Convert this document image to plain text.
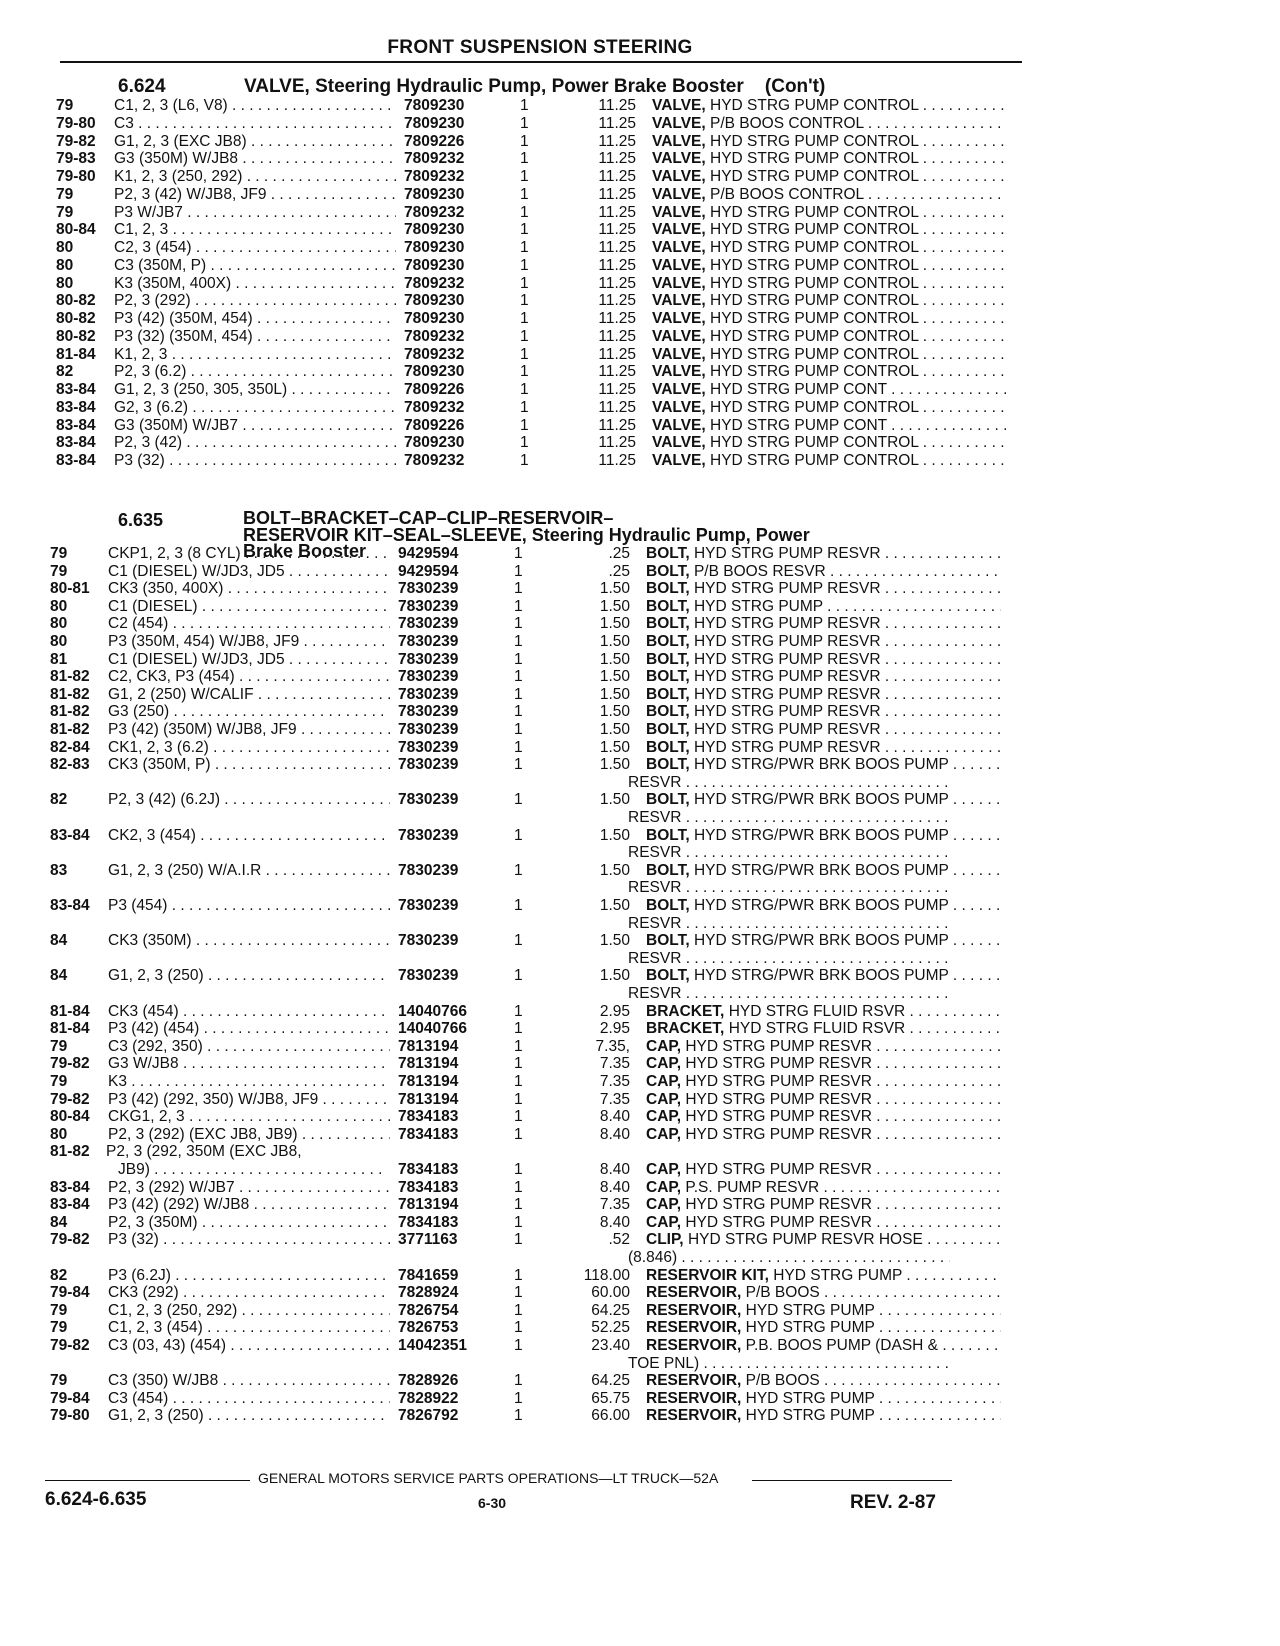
FRONT SUSPENSION STEERING
6.624	VALVE, Steering Hydraulic Pump, Power Brake Booster (Con't)
6.635	BOLT–BRACKET–CAP–CLIP–RESERVOIR–
RESERVOIR KIT–SEAL–SLEEVE, Steering Hydraulic Pump, Power
Brake Booster
79	C1, 2, 3 (L6, V8) . . .	7809230	1	11.25 VALVE, HYD STRG PUMP CONTROL . . .
79-80	C3 . . .	7809230	1	11.25 VALVE, P/B BOOS CONTROL . . .
79-82	G1, 2, 3 (EXC JB8) . . .	7809226	1	11.25 VALVE, HYD STRG PUMP CONTROL . . .
79-83	G3 (350M) W/JB8 . . .	7809232	1	11.25 VALVE, HYD STRG PUMP CONTROL . . .
79-80	K1, 2, 3 (250, 292) . . .	7809232	1	11.25 VALVE, HYD STRG PUMP CONTROL . . .
79	P2, 3 (42) W/JB8, JF9 . . .	7809230	1	11.25 VALVE, P/B BOOS CONTROL . . .
79	P3 W/JB7 . . .	7809232	1	11.25 VALVE, HYD STRG PUMP CONTROL . . .
80-84	C1, 2, 3 . . .	7809230	1	11.25 VALVE, HYD STRG PUMP CONTROL . . .
80	C2, 3 (454) . . .	7809230	1	11.25 VALVE, HYD STRG PUMP CONTROL . . .
80	C3 (350M, P) . . .	7809230	1	11.25 VALVE, HYD STRG PUMP CONTROL . . .
80	K3 (350M, 400X) . . .	7809232	1	11.25 VALVE, HYD STRG PUMP CONTROL . . .
80-82	P2, 3 (292) . . .	7809230	1	11.25 VALVE, HYD STRG PUMP CONTROL . . .
80-82	P3 (42) (350M, 454) . . .	7809230	1	11.25 VALVE, HYD STRG PUMP CONTROL . . .
80-82	P3 (32) (350M, 454) . . .	7809232	1	11.25 VALVE, HYD STRG PUMP CONTROL . . .
81-84	K1, 2, 3 . . .	7809232	1	11.25 VALVE, HYD STRG PUMP CONTROL . . .
82	P2, 3 (6.2) . . .	7809230	1	11.25 VALVE, HYD STRG PUMP CONTROL . . .
83-84	G1, 2, 3 (250, 305, 350L) . . .	7809226	1	11.25 VALVE, HYD STRG PUMP CONT . . .
83-84	G2, 3 (6.2) . . .	7809232	1	11.25 VALVE, HYD STRG PUMP CONTROL . . .
83-84	G3 (350M) W/JB7 . . .	7809226	1	11.25 VALVE, HYD STRG PUMP CONT . . .
83-84	P2, 3 (42) . . .	7809230	1	11.25 VALVE, HYD STRG PUMP CONTROL . . .
83-84	P3 (32) . . .	7809232	1	11.25 VALVE, HYD STRG PUMP CONTROL . . .
79	CKP1, 2, 3 (8 CYL) . . .	9429594	1	.25 BOLT, HYD STRG PUMP RESVR . . .
79	C1 (DIESEL) W/JD3, JD5 . . .	9429594	1	.25 BOLT, P/B BOOS RESVR . . .
80-81	CK3 (350, 400X) . . .	7830239	1	1.50 BOLT, HYD STRG PUMP RESVR . . .
80	C1 (DIESEL) . . .	7830239	1	1.50 BOLT, HYD STRG PUMP . . .
80	C2 (454) . . .	7830239	1	1.50 BOLT, HYD STRG PUMP RESVR . . .
80	P3 (350M, 454) W/JB8, JF9 . . .	7830239	1	1.50 BOLT, HYD STRG PUMP RESVR . . .
81	C1 (DIESEL) W/JD3, JD5 . . .	7830239	1	1.50 BOLT, HYD STRG PUMP RESVR . . .
81-82	C2, CK3, P3 (454) . . .	7830239	1	1.50 BOLT, HYD STRG PUMP RESVR . . .
81-82	G1, 2 (250) W/CALIF . . .	7830239	1	1.50 BOLT, HYD STRG PUMP RESVR . . .
81-82	G3 (250) . . .	7830239	1	1.50 BOLT, HYD STRG PUMP RESVR . . .
81-82	P3 (42) (350M) W/JB8, JF9 . . .	7830239	1	1.50 BOLT, HYD STRG PUMP RESVR . . .
82-84	CK1, 2, 3 (6.2) . . .	7830239	1	1.50 BOLT, HYD STRG PUMP RESVR . . .
82-83	CK3 (350M, P) . . .	7830239	1	1.50 BOLT, HYD STRG/PWR BRK BOOS PUMP . . .
RESVR . . .
82	P2, 3 (42) (6.2J) . . .	7830239	1	1.50 BOLT, HYD STRG/PWR BRK BOOS PUMP . . .
RESVR . . .
83-84	CK2, 3 (454) . . .	7830239	1	1.50 BOLT, HYD STRG/PWR BRK BOOS PUMP . . .
RESVR . . .
83	G1, 2, 3 (250) W/A.I.R . . .	7830239	1	1.50 BOLT, HYD STRG/PWR BRK BOOS PUMP . . .
RESVR . . .
83-84	P3 (454) . . .	7830239	1	1.50 BOLT, HYD STRG/PWR BRK BOOS PUMP . . .
RESVR . . .
84	CK3 (350M) . . .	7830239	1	1.50 BOLT, HYD STRG/PWR BRK BOOS PUMP . . .
RESVR . . .
84	G1, 2, 3 (250) . . .	7830239	1	1.50 BOLT, HYD STRG/PWR BRK BOOS PUMP . . .
RESVR . . .
81-84	CK3 (454) . . .	14040766	1	2.95 BRACKET, HYD STRG FLUID RSVR . . .
81-84	P3 (42) (454) . . .	14040766	1	2.95 BRACKET, HYD STRG FLUID RSVR . . .
79	C3 (292, 350) . . .	7813194	1	7.35, CAP, HYD STRG PUMP RESVR . . .
79-82	G3 W/JB8 . . .	7813194	1	7.35 CAP, HYD STRG PUMP RESVR . . .
79	K3 . . .	7813194	1	7.35 CAP, HYD STRG PUMP RESVR . . .
79-82	P3 (42) (292, 350) W/JB8, JF9 . . .	7813194	1	7.35 CAP, HYD STRG PUMP RESVR . . .
80-84	CKG1, 2, 3 . . .	7834183	1	8.40 CAP, HYD STRG PUMP RESVR . . .
80	P2, 3 (292) (EXC JB8, JB9) . . .	7834183	1	8.40 CAP, HYD STRG PUMP RESVR . . .
81-82	P2, 3 (292, 350M (EXC JB8,
JB9) . . .	7834183	1	8.40 CAP, HYD STRG PUMP RESVR . . .
83-84	P2, 3 (292) W/JB7 . . .	7834183	1	8.40 CAP, P.S. PUMP RESVR . . .
83-84	P3 (42) (292) W/JB8 . . .	7813194	1	7.35 CAP, HYD STRG PUMP RESVR . . .
84	P2, 3 (350M) . . .	7834183	1	8.40 CAP, HYD STRG PUMP RESVR . . .
79-82	P3 (32) . . .	3771163	1	.52 CLIP, HYD STRG PUMP RESVR HOSE . . .
(8.846) . . .
82	P3 (6.2J) . . .	7841659	1	118.00 RESERVOIR KIT, HYD STRG PUMP . . .
79-84	CK3 (292) . . .	7828924	1	60.00 RESERVOIR, P/B BOOS . . .
79	C1, 2, 3 (250, 292) . . .	7826754	1	64.25 RESERVOIR, HYD STRG PUMP . . .
79	C1, 2, 3 (454) . . .	7826753	1	52.25 RESERVOIR, HYD STRG PUMP . . .
79-82	C3 (03, 43) (454) . . .	14042351	1	23.40 RESERVOIR, P.B. BOOS PUMP (DASH & . . .
TOE PNL) . . .
79	C3 (350) W/JB8 . . .	7828926	1	64.25 RESERVOIR, P/B BOOS . . .
79-84	C3 (454) . . .	7828922	1	65.75 RESERVOIR, HYD STRG PUMP . . .
79-80	G1, 2, 3 (250) . . .	7826792	1	66.00 RESERVOIR, HYD STRG PUMP . . .
GENERAL MOTORS SERVICE PARTS OPERATIONS—LT TRUCK—52A
6.624-6.635	6-30	REV. 2-87
